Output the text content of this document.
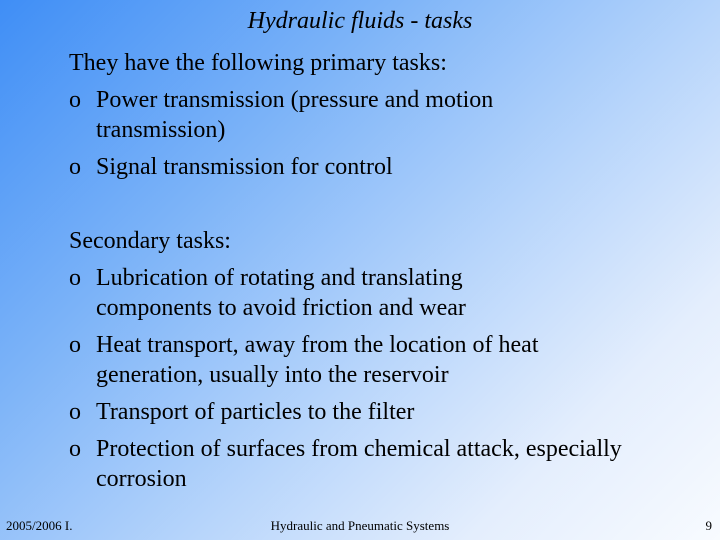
Hydraulic fluids - tasks
They have the following primary tasks:
o Power transmission (pressure and motion transmission)
o Signal transmission for control
Secondary tasks:
o Lubrication of rotating and translating components to avoid friction and wear
o Heat transport, away from the location of heat generation, usually into the reservoir
o Transport of particles to the filter
o Protection of surfaces from chemical attack, especially corrosion
2005/2006 I.	Hydraulic and Pneumatic Systems	9
